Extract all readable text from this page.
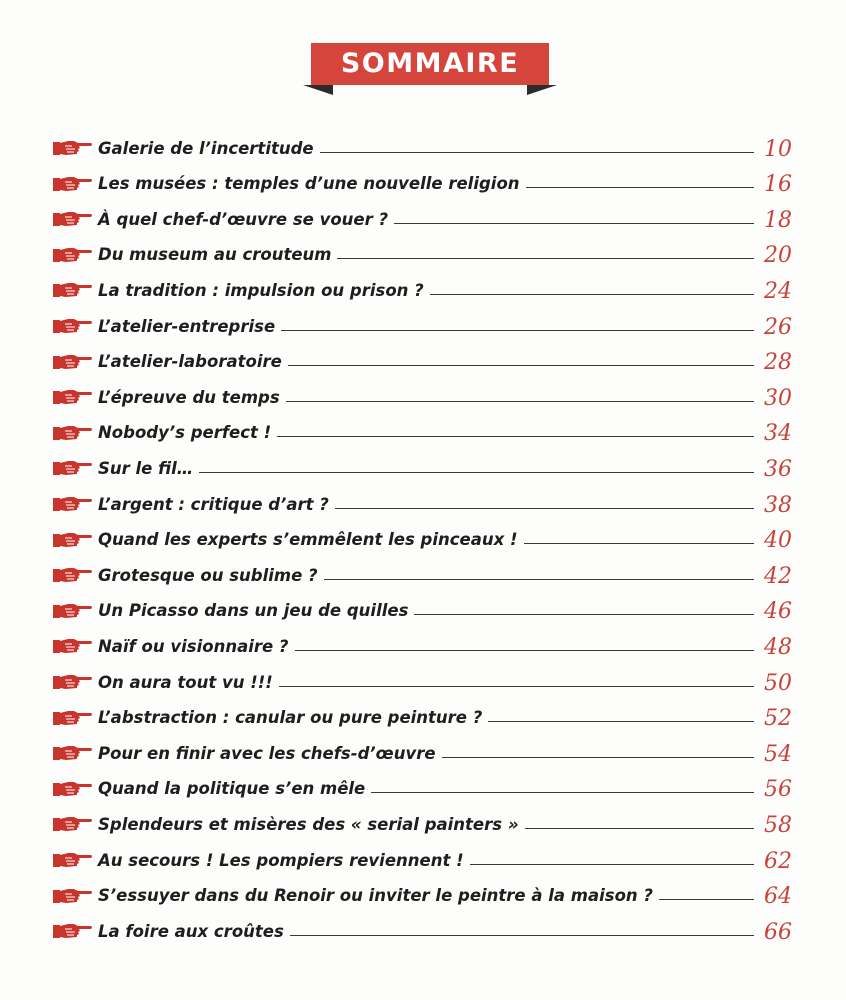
SOMMAIRE
Galerie de l’incertitude	10
Les musées : temples d’une nouvelle religion	16
À quel chef-d’œuvre se vouer ?	18
Du museum au crouteum	20
La tradition : impulsion ou prison ?	24
L’atelier-entreprise	26
L’atelier-laboratoire	28
L’épreuve du temps	30
Nobody’s perfect !	34
Sur le fil…	36
L’argent : critique d’art ?	38
Quand les experts s’emmêlent les pinceaux !	40
Grotesque ou sublime ?	42
Un Picasso dans un jeu de quilles	46
Naïf ou visionnaire ?	48
On aura tout vu !!!	50
L’abstraction : canular ou pure peinture ?	52
Pour en finir avec les chefs-d’œuvre	54
Quand la politique s’en mêle	56
Splendeurs et misères des « serial painters »	58
Au secours ! Les pompiers reviennent !	62
S’essuyer dans du Renoir ou inviter le peintre à la maison ?	64
La foire aux croûtes	66
